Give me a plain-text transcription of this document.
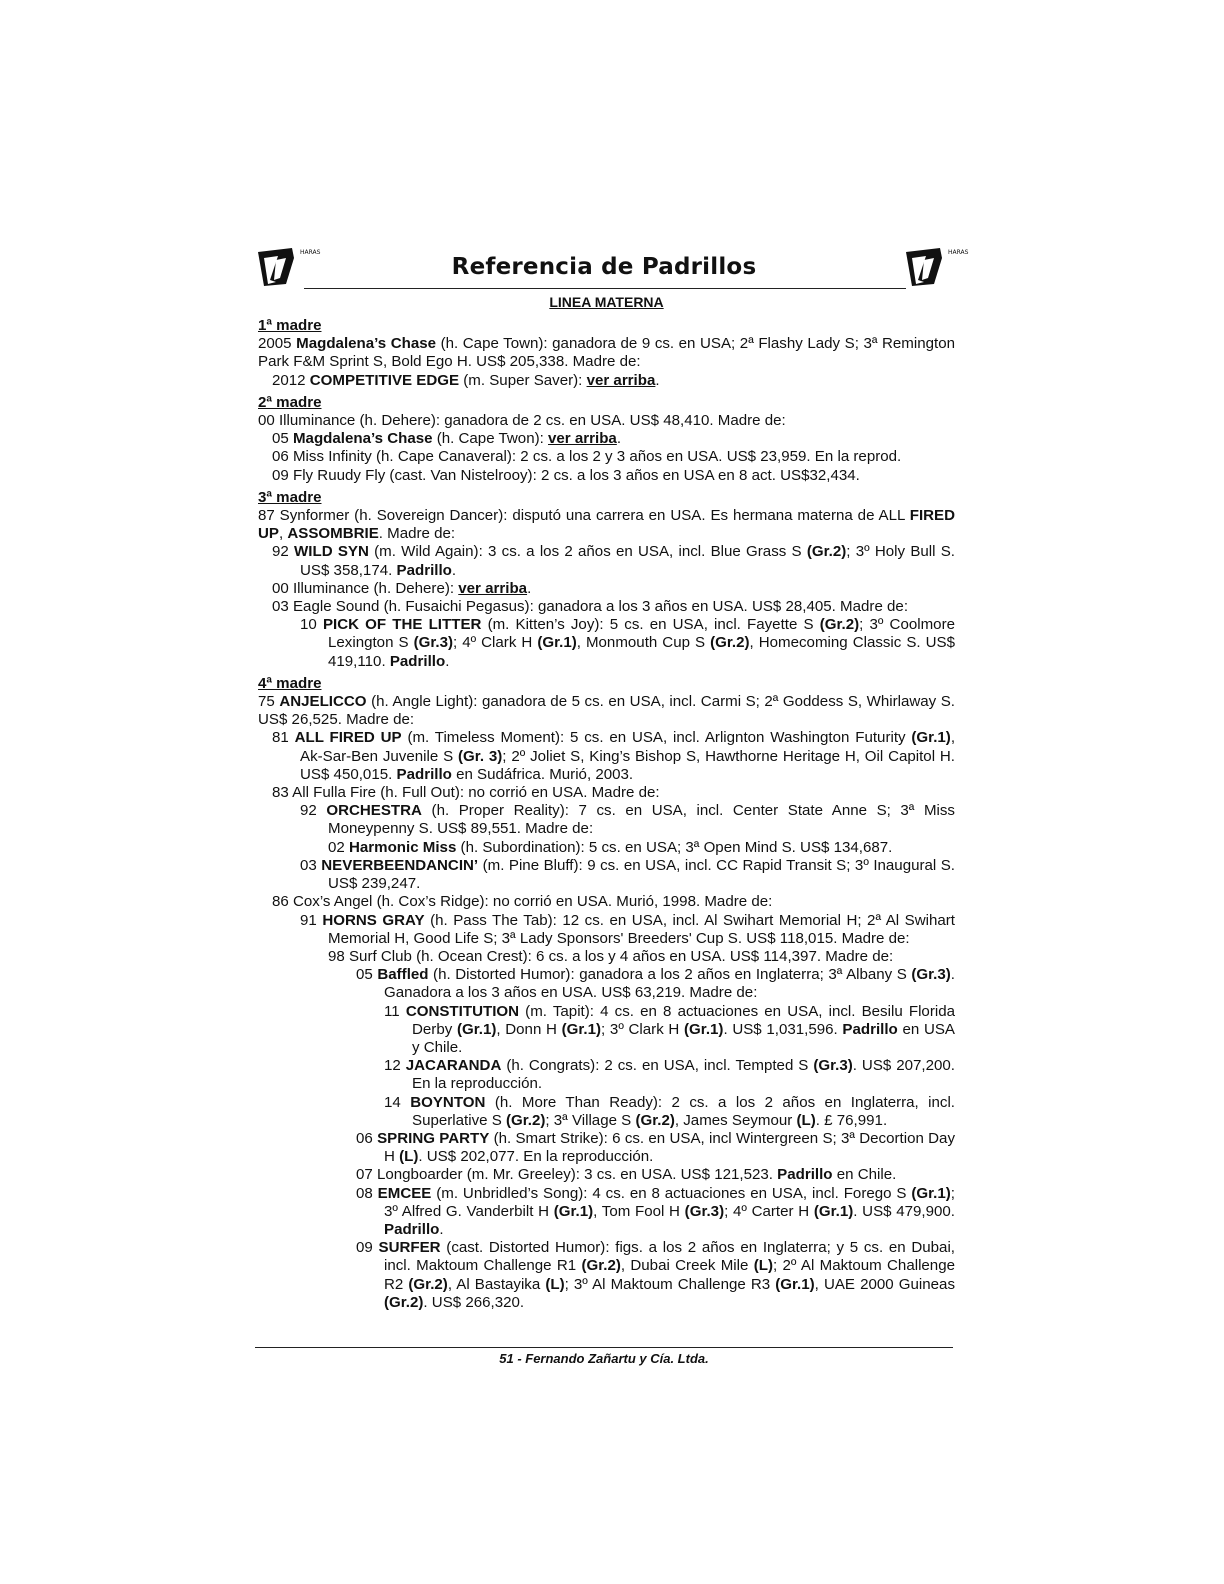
HARAS
Referencia de Padrillos
HARAS
LINEA MATERNA
1ª madre
2005 Magdalena’s Chase (h. Cape Town): ganadora de 9 cs. en USA; 2ª Flashy Lady S; 3ª Remington Park F&M Sprint S, Bold Ego H. US$ 205,338. Madre de:
2012 COMPETITIVE EDGE (m. Super Saver): ver arriba.
2ª madre
00 Illuminance (h. Dehere): ganadora de 2 cs. en USA. US$ 48,410. Madre de:
05 Magdalena’s Chase (h. Cape Twon): ver arriba.
06 Miss Infinity (h. Cape Canaveral): 2 cs. a los 2 y 3 años en USA. US$ 23,959. En la reprod.
09 Fly Ruudy Fly (cast. Van Nistelrooy): 2 cs. a los 3 años en USA en 8 act. US$32,434.
3ª madre
87 Synformer (h. Sovereign Dancer): disputó una carrera en USA. Es hermana materna de ALL FIRED UP, ASSOMBRIE. Madre de:
92 WILD SYN (m. Wild Again): 3 cs. a los 2 años en USA, incl. Blue Grass S (Gr.2); 3º Holy Bull S. US$ 358,174. Padrillo.
00 Illuminance (h. Dehere): ver arriba.
03 Eagle Sound (h. Fusaichi Pegasus): ganadora a los 3 años en USA. US$ 28,405. Madre de:
10 PICK OF THE LITTER (m. Kitten’s Joy): 5 cs. en USA, incl. Fayette S (Gr.2); 3º Coolmore Lexington S (Gr.3); 4º Clark H (Gr.1), Monmouth Cup S (Gr.2), Homecoming Classic S. US$ 419,110. Padrillo.
4ª madre
75 ANJELICCO (h. Angle Light): ganadora de 5 cs. en USA, incl. Carmi S; 2ª Goddess S, Whirlaway S. US$ 26,525. Madre de:
81 ALL FIRED UP (m. Timeless Moment): 5 cs. en USA, incl. Arlignton Washington Futurity (Gr.1), Ak-Sar-Ben Juvenile S (Gr. 3); 2º Joliet S, King’s Bishop S, Hawthorne Heritage H, Oil Capitol H. US$ 450,015. Padrillo en Sudáfrica. Murió, 2003.
83 All Fulla Fire (h. Full Out): no corrió en USA. Madre de:
92 ORCHESTRA (h. Proper Reality): 7 cs. en USA, incl. Center State Anne S; 3ª Miss Moneypenny S. US$ 89,551. Madre de:
02 Harmonic Miss (h. Subordination): 5 cs. en USA; 3ª Open Mind S. US$ 134,687.
03 NEVERBEENDANCIN’ (m. Pine Bluff): 9 cs. en USA, incl. CC Rapid Transit S; 3º Inaugural S. US$ 239,247.
86 Cox’s Angel (h. Cox’s Ridge): no corrió en USA. Murió, 1998. Madre de:
91 HORNS GRAY (h. Pass The Tab): 12 cs. en USA, incl. Al Swihart Memorial H; 2ª Al Swihart Memorial H, Good Life S; 3ª Lady Sponsors' Breeders' Cup S. US$ 118,015. Madre de:
98 Surf Club (h. Ocean Crest): 6 cs. a los y 4 años en USA. US$ 114,397. Madre de:
05 Baffled (h. Distorted Humor): ganadora a los 2 años en Inglaterra; 3ª Albany S (Gr.3). Ganadora a los 3 años en USA. US$ 63,219. Madre de:
11 CONSTITUTION (m. Tapit): 4 cs. en 8 actuaciones en USA, incl. Besilu Florida Derby (Gr.1), Donn H (Gr.1); 3º Clark H (Gr.1). US$ 1,031,596. Padrillo en USA y Chile.
12 JACARANDA (h. Congrats): 2 cs. en USA, incl. Tempted S (Gr.3). US$ 207,200. En la reproducción.
14 BOYNTON (h. More Than Ready): 2 cs. a los 2 años en Inglaterra, incl. Superlative S (Gr.2); 3ª Village S (Gr.2), James Seymour (L). £ 76,991.
06 SPRING PARTY (h. Smart Strike): 6 cs. en USA, incl Wintergreen S; 3ª Decortion Day H (L). US$ 202,077. En la reproducción.
07 Longboarder (m. Mr. Greeley): 3 cs. en USA. US$ 121,523. Padrillo en Chile.
08 EMCEE (m. Unbridled’s Song): 4 cs. en 8 actuaciones en USA, incl. Forego S (Gr.1); 3º Alfred G. Vanderbilt H (Gr.1), Tom Fool H (Gr.3); 4º Carter H (Gr.1). US$ 479,900. Padrillo.
09 SURFER (cast. Distorted Humor): figs. a los 2 años en Inglaterra; y 5 cs. en Dubai, incl. Maktoum Challenge R1 (Gr.2), Dubai Creek Mile (L); 2º Al Maktoum Challenge R2 (Gr.2), Al Bastayika (L); 3º Al Maktoum Challenge R3 (Gr.1), UAE 2000 Guineas (Gr.2). US$ 266,320.
51 - Fernando Zañartu y Cía. Ltda.
